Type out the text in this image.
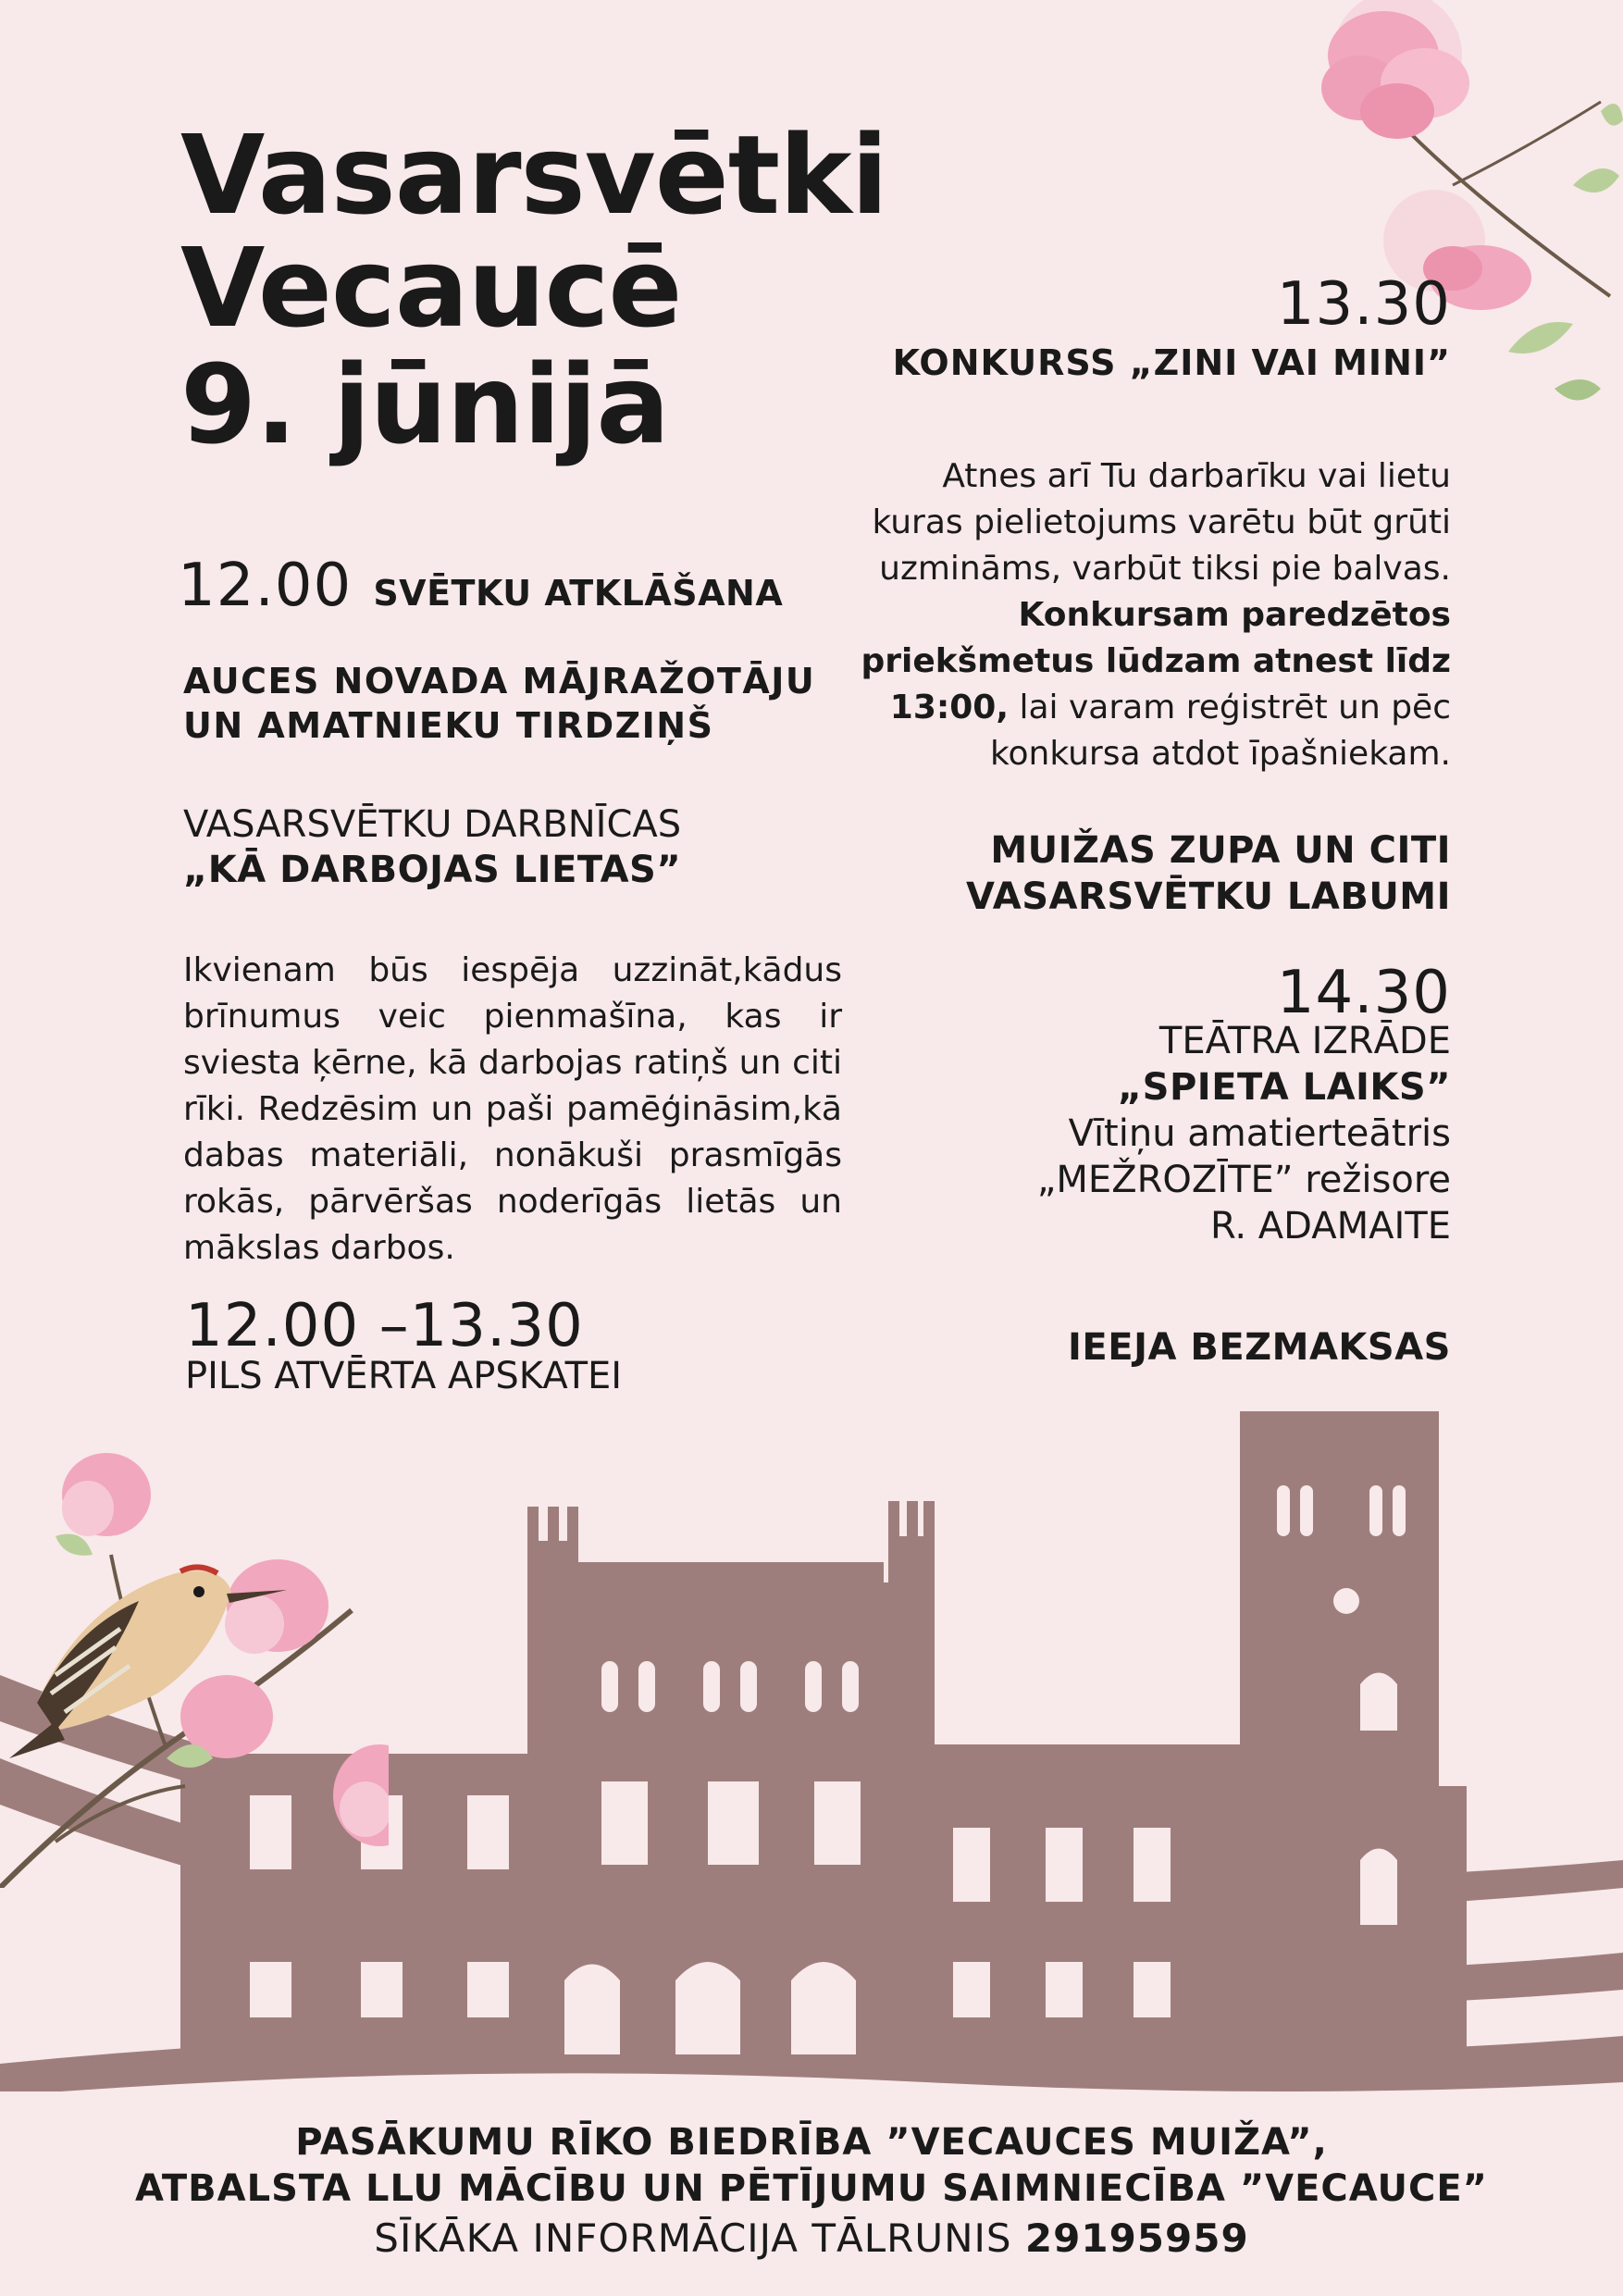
Vasarsvētki
Vecaucē
9. jūnijā
12.00 SVĒTKU ATKLĀŠANA
AUCES NOVADA MĀJRAŽOTĀJU
UN AMATNIEKU TIRDZIŅŠ
VASARSVĒTKU DARBNĪCAS
„KĀ DARBOJAS LIETAS”
Ikvienam būs iespēja uzzināt,kādus brīnumus veic pienmašīna, kas ir sviesta ķērne, kā darbojas ratiņš un citi rīki. Redzēsim un paši pamēģināsim,kā dabas materiāli, nonākuši prasmīgās rokās, pārvēršas noderīgās lietās un mākslas darbos.
12.00 –13.30
PILS ATVĒRTA APSKATEI
13.30
KONKURSS „ZINI VAI MINI”
Atnes arī Tu darbarīku vai lietu kuras pielietojums varētu būt grūti uzmināms, varbūt tiksi pie balvas. Konkursam paredzētos priekšmetus lūdzam atnest līdz 13:00, lai varam reģistrēt un pēc konkursa atdot īpašniekam.
MUIŽAS ZUPA UN CITI
VASARSVĒTKU LABUMI
14.30
TEĀTRA IZRĀDE
„SPIETA LAIKS”
Vītiņu amatierteātris
„MEŽROZĪTE” režisore
R. ADAMAITE
IEEJA BEZMAKSAS
PASĀKUMU RĪKO BIEDRĪBA ”VECAUCES MUIŽA”,
ATBALSTA LLU MĀCĪBU UN PĒTĪJUMU SAIMNIECĪBA ”VECAUCE”
SĪKĀKA INFORMĀCIJA TĀLRUNIS 29195959
